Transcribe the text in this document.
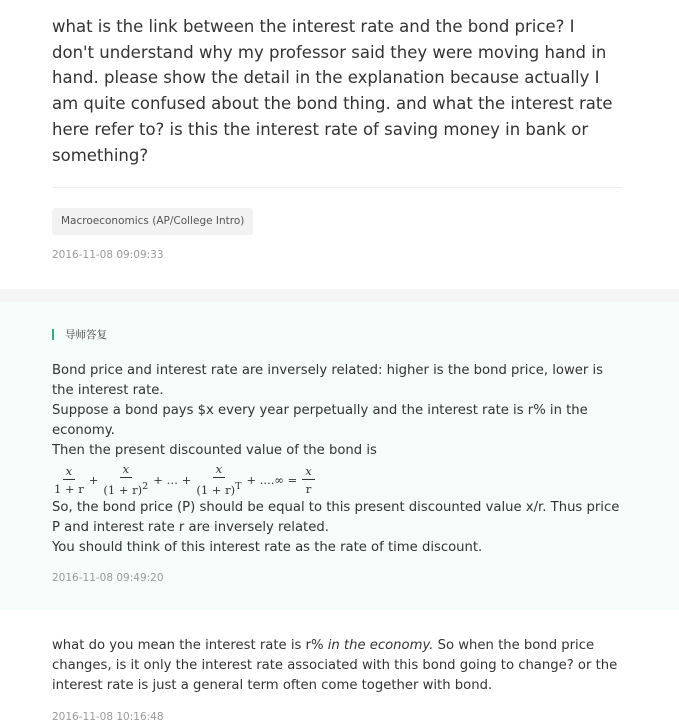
what is the link between the interest rate and the bond price? I don't understand why my professor said they were moving hand in hand. please show the detail in the explanation because actually I am quite confused about the bond thing. and what the interest rate here refer to? is this the interest rate of saving money in bank or something?

Macroeconomics (AP/College Intro)
2016-11-08 09:09:33
导师答复

Bond price and interest rate are inversely related: higher is the bond price, lower is the interest rate.

Suppose a bond pays $x every year perpetually and the interest rate is r% in the economy.

Then the present discounted value of the bond is

$\frac{x}{1 + r} + \frac{x}{(1 + r)^2}$ + … + $\frac{x}{(1 + r)^T}$ + ....∞ = $\frac{x}{r}$

So, the bond price (P) should be equal to this present discounted value x/r. Thus price P and interest rate r are inversely related.

You should think of this interest rate as the rate of time discount.

2016-11-08 09:49:20

what do you mean the interest rate is r% in the economy. So when the bond price changes, is it only the interest rate associated with this bond going to change? or the interest rate is just a general term often come together with bond.

2016-11-08 10:16:48
